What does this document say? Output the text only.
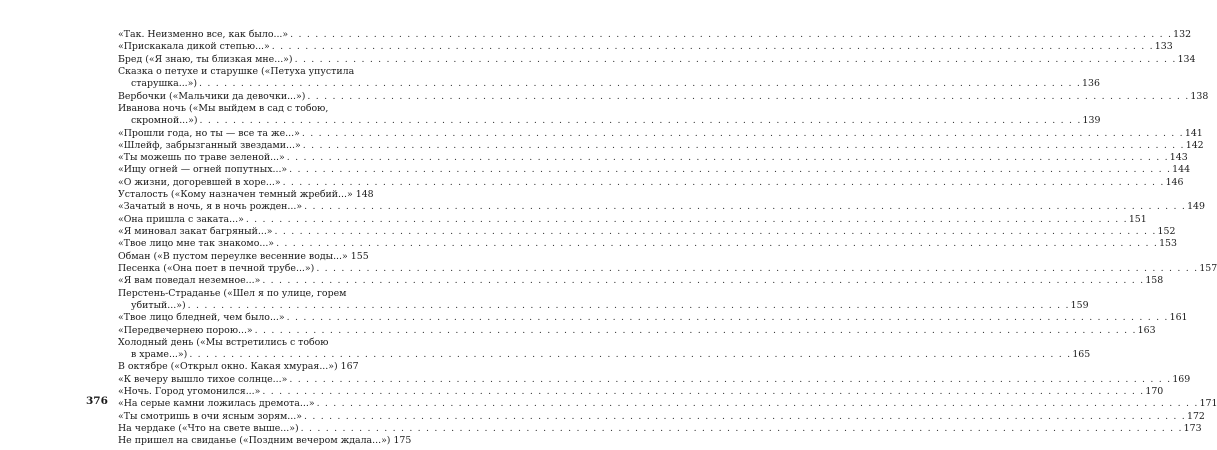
376
«Так. Неизменно все, как было...» . . .	132
«Прискакала дикой степью...» . . .	133
Бред («Я знаю, ты близкая мне...») . . .	134
Сказка о петухе и старушке («Петуха упустила
старушка...») . . .	136
Вербочки («Мальчики да девочки...») . . .	138
Иванова ночь («Мы выйдем в сад с тобою,
скромной...») . . .	139
«Прошли года, но ты — все та же...» . . .	141
«Шлейф, забрызганный звездами...» . . .	142
«Ты можешь по траве зеленой...» . . .	143
«Ищу огней — огней попутных...» . . .	144
«О жизни, догоревшей в хоре...» . . .	146
Усталость («Кому назначен темный жребий...» 148
«Зачатый в ночь, я в ночь рожден...» . . .	149
«Она пришла с заката...» . . .	151
«Я миновал закат багряный...» . . .	152
«Твое лицо мне так знакомо...» . . .	153
Обман («В пустом переулке весенние воды...» 155
Песенка («Она поет в печной трубе...») . . .	157
«Я вам поведал неземное...» . . .	158
Перстень-Страданье («Шел я по улице, горем
убитый...») . . .	159
«Твое лицо бледней, чем было...» . . .	161
«Передвечернею порою...» . . .	163
Холодный день («Мы встретились с тобою
в храме...») . . .	165
В октябре («Открыл окно. Какая хмурая...») 167
«К вечеру вышло тихое солнце...» . . .	169
«Ночь. Город угомонился...» . . .	170
«На серые камни ложилась дремота...» . . .	171
«Ты смотришь в очи ясным зорям...» . . .	172
На чердаке («Что на свете выше...») . . .	173
Не пришел на свиданье («Поздним вечером ждала...») 175
